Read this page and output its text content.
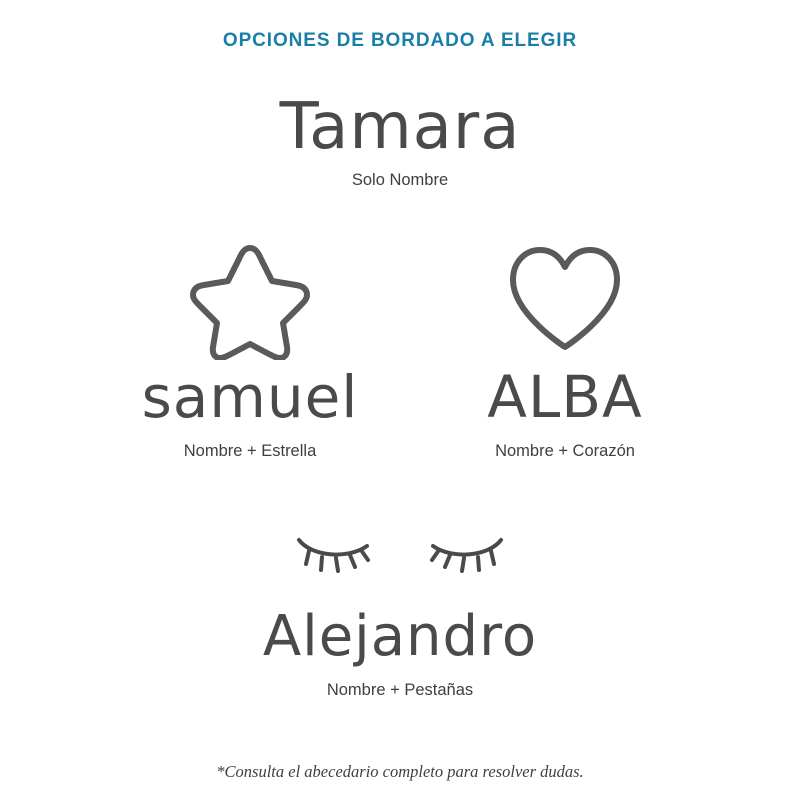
OPCIONES DE BORDADO A ELEGIR
Tamara
Solo Nombre
samuel
Nombre + Estrella
ALBA
Nombre + Corazón
Alejandro
Nombre + Pestañas
*Consulta el abecedario completo para resolver dudas.
